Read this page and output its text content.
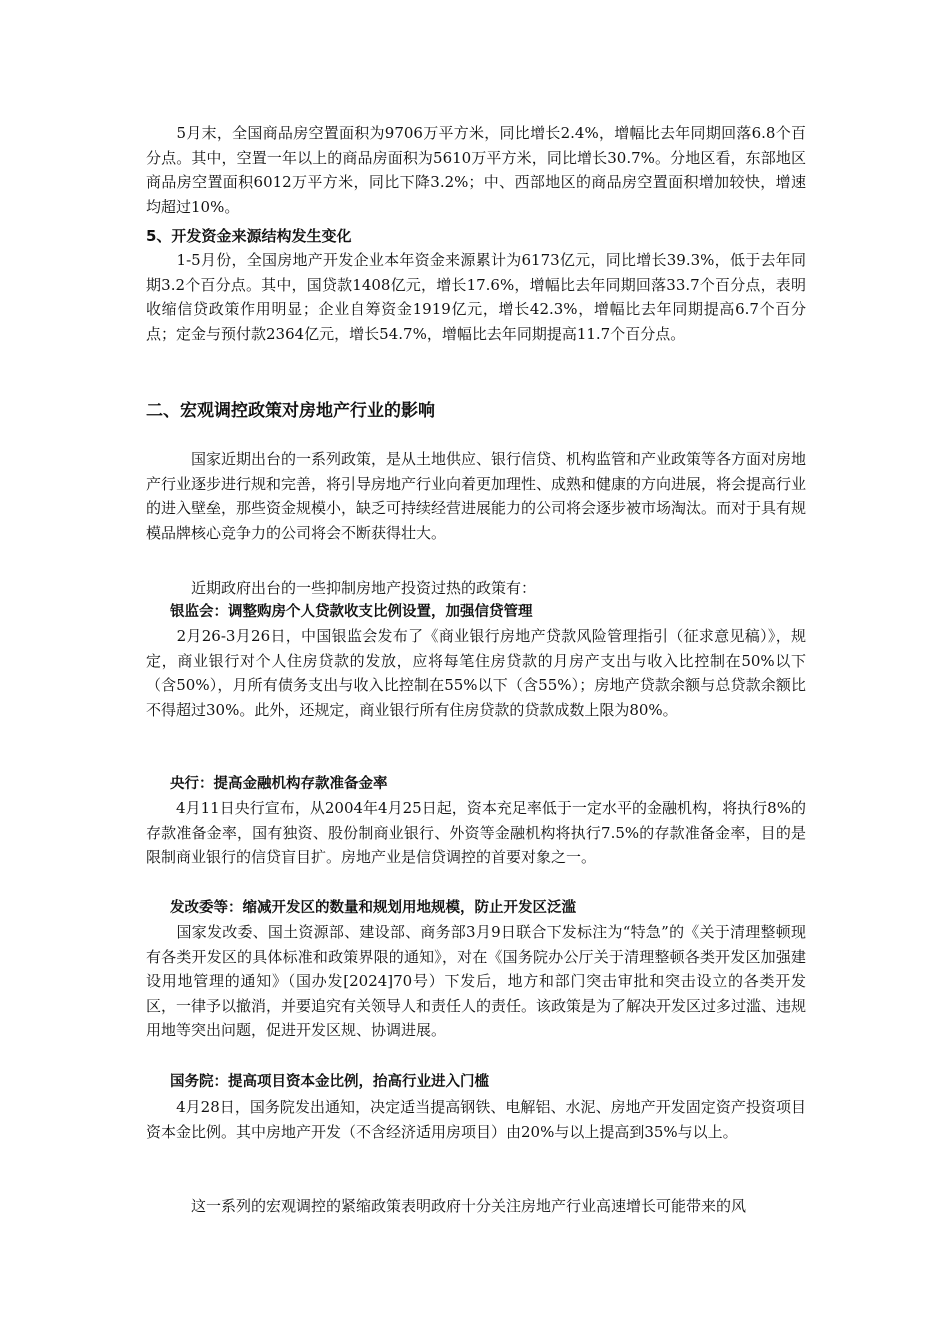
　　5月末，全国商品房空置面积为9706万平方米，同比增长2.4%，增幅比去年同期回落6.8个百分点。其中，空置一年以上的商品房面积为5610万平方米，同比增长30.7%。分地区看，东部地区商品房空置面积6012万平方米，同比下降3.2%；中、西部地区的商品房空置面积增加较快，增速均超过10%。

5、开发资金来源结构发生变化

　　1-5月份，全国房地产开发企业本年资金来源累计为6173亿元，同比增长39.3%，低于去年同期3.2个百分点。其中，国贷款1408亿元，增长17.6%，增幅比去年同期回落33.7个百分点，表明收缩信贷政策作用明显；企业自筹资金1919亿元，增长42.3%，增幅比去年同期提高6.7个百分点；定金与预付款2364亿元，增长54.7%，增幅比去年同期提高11.7个百分点。

二、宏观调控政策对房地产行业的影响

　　　国家近期出台的一系列政策，是从土地供应、银行信贷、机构监管和产业政策等各方面对房地产行业逐步进行规和完善，将引导房地产行业向着更加理性、成熟和健康的方向进展，将会提高行业的进入壁垒，那些资金规模小，缺乏可持续经营进展能力的公司将会逐步被市场淘汰。而对于具有规模品牌核心竞争力的公司将会不断获得壮大。

　　　近期政府出台的一些抑制房地产投资过热的政策有：

银监会：调整购房个人贷款收支比例设置，加强信贷管理

　　2月26-3月26日，中国银监会发布了《商业银行房地产贷款风险管理指引（征求意见稿）》，规定，商业银行对个人住房贷款的发放，应将每笔住房贷款的月房产支出与收入比控制在50%以下（含50%），月所有债务支出与收入比控制在55%以下（含55%）；房地产贷款余额与总贷款余额比不得超过30%。此外，还规定，商业银行所有住房贷款的贷款成数上限为80%。

央行：提高金融机构存款准备金率

　　4月11日央行宣布，从2004年4月25日起，资本充足率低于一定水平的金融机构，将执行8%的存款准备金率，国有独资、股份制商业银行、外资等金融机构将执行7.5%的存款准备金率，目的是限制商业银行的信贷盲目扩。房地产业是信贷调控的首要对象之一。

发改委等：缩减开发区的数量和规划用地规模，防止开发区泛滥

　　国家发改委、国土资源部、建设部、商务部3月9日联合下发标注为“特急”的《关于清理整顿现有各类开发区的具体标准和政策界限的通知》，对在《国务院办公厅关于清理整顿各类开发区加强建设用地管理的通知》（国办发[2024]70号）下发后，地方和部门突击审批和突击设立的各类开发区，一律予以撤消，并要追究有关领导人和责任人的责任。该政策是为了解决开发区过多过滥、违规用地等突出问题，促进开发区规、协调进展。

国务院：提高项目资本金比例，抬高行业进入门槛

　　4月28日，国务院发出通知，决定适当提高钢铁、电解铝、水泥、房地产开发固定资产投资项目资本金比例。其中房地产开发（不含经济适用房项目）由20%与以上提高到35%与以上。

　　　这一系列的宏观调控的紧缩政策表明政府十分关注房地产行业高速增长可能带来的风
